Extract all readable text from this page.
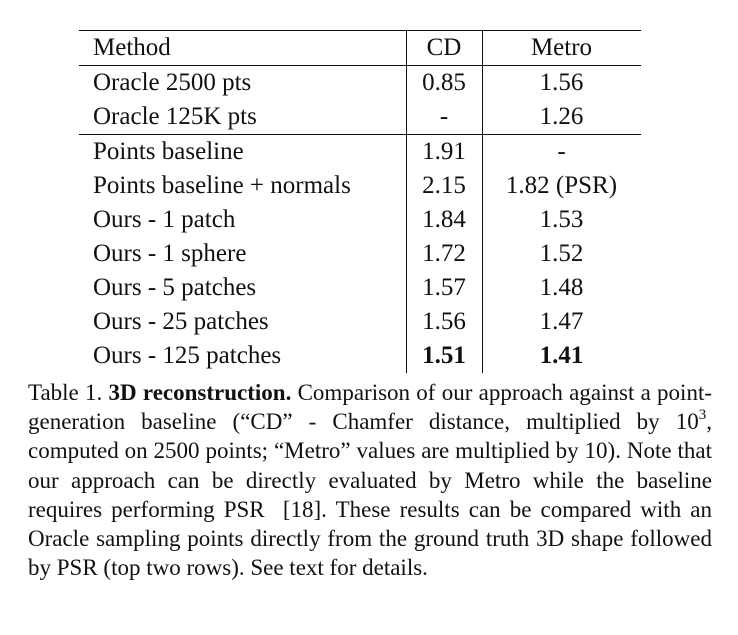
Method	CD	Metro
Oracle 2500 pts	0.85	1.56
Oracle 125K pts	-	1.26
Points baseline	1.91	-
Points baseline + normals	2.15	1.82 (PSR)
Ours - 1 patch	1.84	1.53
Ours - 1 sphere	1.72	1.52
Ours - 5 patches	1.57	1.48
Ours - 25 patches	1.56	1.47
Ours - 125 patches	1.51	1.41
Table 1. 3D reconstruction. Comparison of our approach against a point-generation baseline (“CD” - Chamfer distance, multiplied by $10^3$, computed on 2500 points; “Metro” values are multiplied by 10). Note that our approach can be directly evaluated by Metro while the baseline requires performing PSR  [18]. These results can be compared with an Oracle sampling points directly from the ground truth 3D shape followed by PSR (top two rows). See text for details.
